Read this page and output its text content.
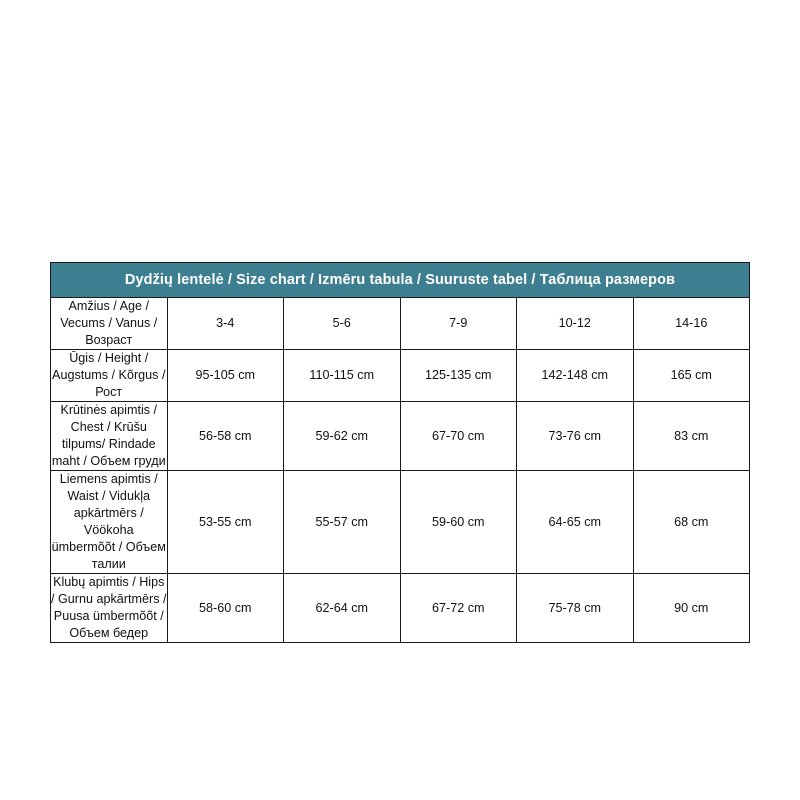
Dydžių lentelė / Size chart / Izmēru tabula / Suuruste tabel / Таблица размеров					
Amžius / Age / Vecums / Vanus / Возраст	3-4	5-6	7-9	10-12	14-16
Ūgis / Height / Augstums / Kõrgus / Рост	95-105 cm	110-115 cm	125-135 cm	142-148 cm	165 cm
Krūtinės apimtis / Chest / Krūšu tilpums/ Rindade maht / Объем груди	56-58 cm	59-62 cm	67-70 cm	73-76 cm	83 cm
Liemens apimtis / Waist / Vidukļa apkārtmērs / Vöökoha ümbermõõt / Объем талии	53-55 cm	55-57 cm	59-60 cm	64-65 cm	68 cm
Klubų apimtis / Hips / Gurnu apkārtmērs / Puusa ümbermõõt / Объем бедер	58-60 cm	62-64 cm	67-72 cm	75-78 cm	90 cm
